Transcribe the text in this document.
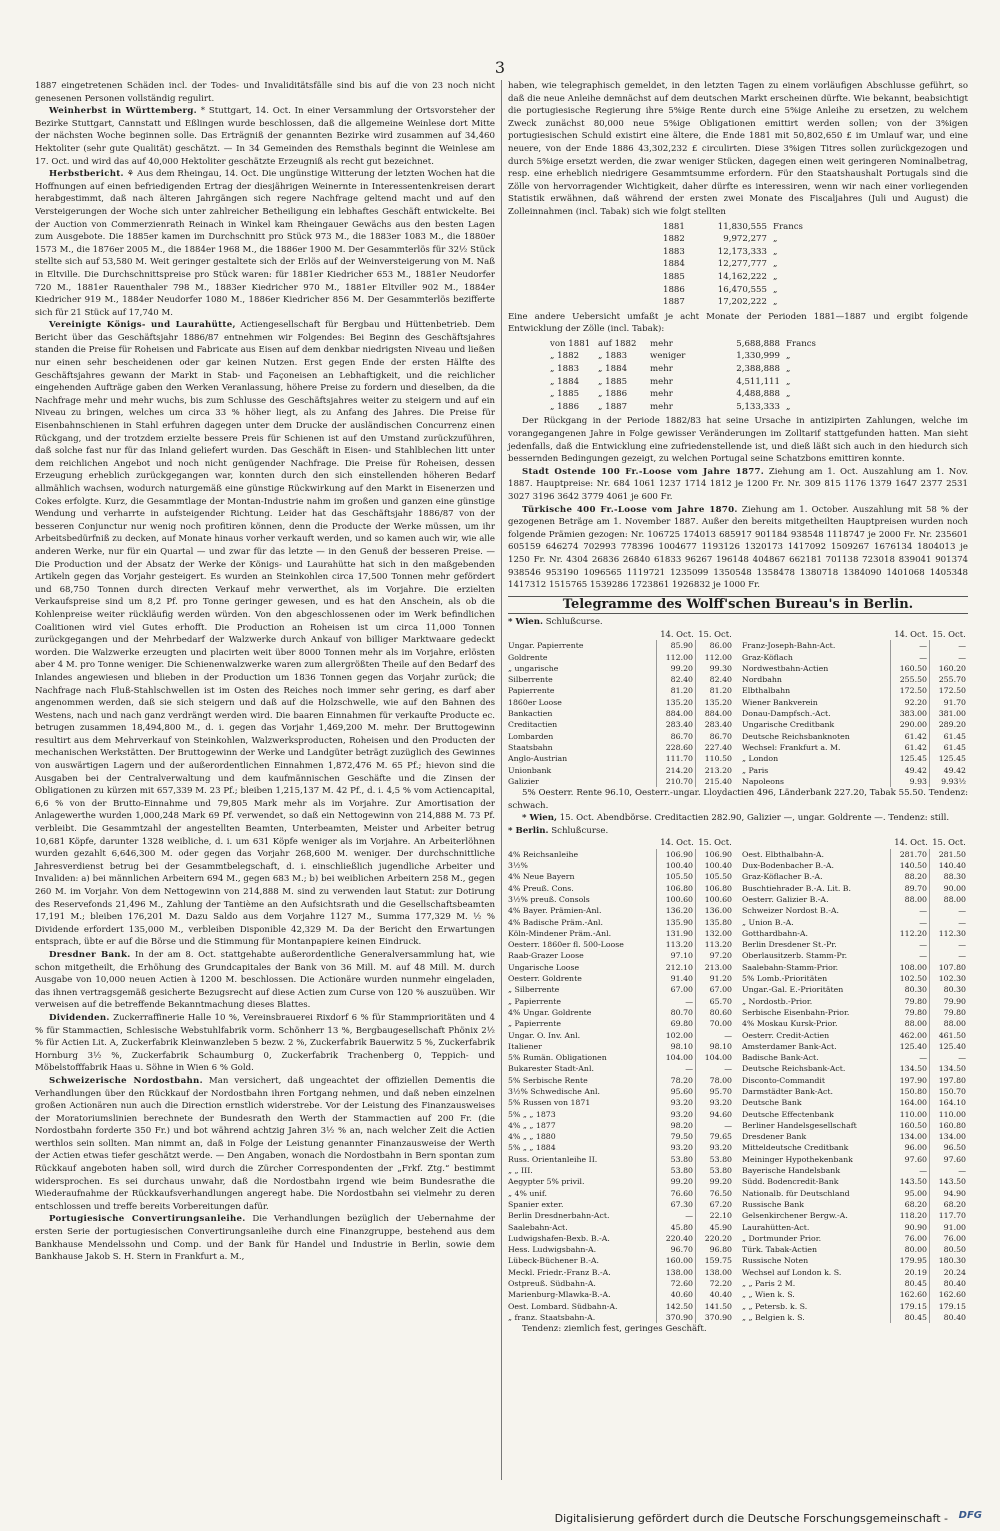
3

1887 eingetretenen Schäden incl. der Todes- und Invaliditätsfälle sind bis auf die von 23 noch nicht genesenen Personen vollständig regulirt.

Weinherbst in Württemberg. * Stuttgart, 14. Oct. In einer Versammlung der Ortsvorsteher der Bezirke Stuttgart, Cannstatt und Eßlingen wurde beschlossen, daß die allgemeine Weinlese dort Mitte der nächsten Woche beginnen solle. Das Erträgniß der genannten Bezirke wird zusammen auf 34,460 Hektoliter (sehr gute Qualität) geschätzt. — In 34 Gemeinden des Remsthals beginnt die Weinlese am 17. Oct. und wird das auf 40,000 Hektoliter geschätzte Erzeugniß als recht gut bezeichnet.

Herbstbericht. ⚘ Aus dem Rheingau, 14. Oct. Die ungünstige Witterung der letzten Wochen hat die Hoffnungen auf einen befriedigenden Ertrag der diesjährigen Weinernte in Interessentenkreisen derart herabgestimmt, daß nach älteren Jahrgängen sich regere Nachfrage geltend macht und auf den Versteigerungen der Woche sich unter zahlreicher Betheiligung ein lebhaftes Geschäft entwickelte. Bei der Auction von Commerzienrath Reinach in Winkel kam Rheingauer Gewächs aus den besten Lagen zum Ausgebote. Die 1885er kamen im Durchschnitt pro Stück 973 M., die 1883er 1083 M., die 1880er 1573 M., die 1876er 2005 M., die 1884er 1968 M., die 1886er 1900 M. Der Gesammterlös für 32½ Stück stellte sich auf 53,580 M. Weit geringer gestaltete sich der Erlös auf der Weinversteigerung von M. Naß in Eltville. Die Durchschnittspreise pro Stück waren: für 1881er Kiedricher 653 M., 1881er Neudorfer 720 M., 1881er Rauenthaler 798 M., 1883er Kiedricher 970 M., 1881er Eltviller 902 M., 1884er Kiedricher 919 M., 1884er Neudorfer 1080 M., 1886er Kiedricher 856 M. Der Gesammterlös bezifferte sich für 21 Stück auf 17,740 M.

Vereinigte Königs- und Laurahütte, Actiengesellschaft für Bergbau und Hüttenbetrieb. Dem Bericht über das Geschäftsjahr 1886/87 entnehmen wir Folgendes: Bei Beginn des Geschäftsjahres standen die Preise für Roheisen und Fabricate aus Eisen auf dem denkbar niedrigsten Niveau und ließen nur einen sehr bescheidenen oder gar keinen Nutzen. Erst gegen Ende der ersten Hälfte des Geschäftsjahres gewann der Markt in Stab- und Façoneisen an Lebhaftigkeit, und die reichlicher eingehenden Aufträge gaben den Werken Veranlassung, höhere Preise zu fordern und dieselben, da die Nachfrage mehr und mehr wuchs, bis zum Schlusse des Geschäftsjahres weiter zu steigern und auf ein Niveau zu bringen, welches um circa 33 % höher liegt, als zu Anfang des Jahres. Die Preise für Eisenbahnschienen in Stahl erfuhren dagegen unter dem Drucke der ausländischen Concurrenz einen Rückgang, und der trotzdem erzielte bessere Preis für Schienen ist auf den Umstand zurückzuführen, daß solche fast nur für das Inland geliefert wurden. Das Geschäft in Eisen- und Stahlblechen litt unter dem reichlichen Angebot und noch nicht genügender Nachfrage. Die Preise für Roheisen, dessen Erzeugung erheblich zurückgegangen war, konnten durch den sich einstellenden höheren Bedarf allmählich wachsen, wodurch naturgemäß eine günstige Rückwirkung auf den Markt in Eisenerzen und Cokes erfolgte. Kurz, die Gesammtlage der Montan-Industrie nahm im großen und ganzen eine günstige Wendung und verharrte in aufsteigender Richtung. Leider hat das Geschäftsjahr 1886/87 von der besseren Conjunctur nur wenig noch profitiren können, denn die Producte der Werke müssen, um ihr Arbeitsbedürfniß zu decken, auf Monate hinaus vorher verkauft werden, und so kamen auch wir, wie alle anderen Werke, nur für ein Quartal — und zwar für das letzte — in den Genuß der besseren Preise. — Die Production und der Absatz der Werke der Königs- und Laurahütte hat sich in den maßgebenden Artikeln gegen das Vorjahr gesteigert. Es wurden an Steinkohlen circa 17,500 Tonnen mehr gefördert und 68,750 Tonnen durch directen Verkauf mehr verwerthet, als im Vorjahre. Die erzielten Verkaufspreise sind um 8,2 Pf. pro Tonne geringer gewesen, und es hat den Anschein, als ob die Kohlenpreise weiter rückläufig werden würden. Von den abgeschlossenen oder im Werk befindlichen Coalitionen wird viel Gutes erhofft. Die Production an Roheisen ist um circa 11,000 Tonnen zurückgegangen und der Mehrbedarf der Walzwerke durch Ankauf von billiger Marktwaare gedeckt worden. Die Walzwerke erzeugten und placirten weit über 8000 Tonnen mehr als im Vorjahre, erlösten aber 4 M. pro Tonne weniger. Die Schienenwalzwerke waren zum allergrößten Theile auf den Bedarf des Inlandes angewiesen und blieben in der Production um 1836 Tonnen gegen das Vorjahr zurück; die Nachfrage nach Fluß-Stahlschwellen ist im Osten des Reiches noch immer sehr gering, es darf aber angenommen werden, daß sie sich steigern und daß auf die Holzschwelle, wie auf den Bahnen des Westens, nach und nach ganz verdrängt werden wird. Die baaren Einnahmen für verkaufte Producte ec. betrugen zusammen 18,494,800 M., d. i. gegen das Vorjahr 1,469,200 M. mehr. Der Bruttogewinn resultirt aus dem Mehrverkauf von Steinkohlen, Walzwerksproducten, Roheisen und den Producten der mechanischen Werkstätten. Der Bruttogewinn der Werke und Landgüter beträgt zuzüglich des Gewinnes von auswärtigen Lagern und der außerordentlichen Einnahmen 1,872,476 M. 65 Pf.; hievon sind die Ausgaben bei der Centralverwaltung und dem kaufmännischen Geschäfte und die Zinsen der Obligationen zu kürzen mit 657,339 M. 23 Pf.; bleiben 1,215,137 M. 42 Pf., d. i. 4,5 % vom Actiencapital, 6,6 % von der Brutto-Einnahme und 79,805 Mark mehr als im Vorjahre. Zur Amortisation der Anlagewerthe wurden 1,000,248 Mark 69 Pf. verwendet, so daß ein Nettogewinn von 214,888 M. 73 Pf. verbleibt. Die Gesammtzahl der angestellten Beamten, Unterbeamten, Meister und Arbeiter betrug 10,681 Köpfe, darunter 1328 weibliche, d. i. um 631 Köpfe weniger als im Vorjahre. An Arbeiterlöhnen wurden gezahlt 6,646,300 M. oder gegen das Vorjahr 268,600 M. weniger. Der durchschnittliche Jahresverdienst betrug bei der Gesammtbelegschaft, d. i. einschließlich jugendliche Arbeiter und Invaliden: a) bei männlichen Arbeitern 694 M., gegen 683 M.; b) bei weiblichen Arbeitern 258 M., gegen 260 M. im Vorjahr. Von dem Nettogewinn von 214,888 M. sind zu verwenden laut Statut: zur Dotirung des Reservefonds 21,496 M., Zahlung der Tantième an den Aufsichtsrath und die Gesellschaftsbeamten 17,191 M.; bleiben 176,201 M. Dazu Saldo aus dem Vorjahre 1127 M., Summa 177,329 M. ½ % Dividende erfordert 135,000 M., verbleiben Disponible 42,329 M. Da der Bericht den Erwartungen entsprach, übte er auf die Börse und die Stimmung für Montanpapiere keinen Eindruck.

Dresdner Bank. In der am 8. Oct. stattgehabte außerordentliche Generalversammlung hat, wie schon mitgetheilt, die Erhöhung des Grundcapitales der Bank von 36 Mill. M. auf 48 Mill. M. durch Ausgabe von 10,000 neuen Actien à 1200 M. beschlossen. Die Actionäre wurden nunmehr eingeladen, das ihnen vertragsgemäß gesicherte Bezugsrecht auf diese Actien zum Curse von 120 % auszuüben. Wir verweisen auf die betreffende Bekanntmachung dieses Blattes.

Dividenden. Zuckerraffinerie Halle 10 %, Vereinsbrauerei Rixdorf 6 % für Stammprioritäten und 4 % für Stammactien, Schlesische Webstuhlfabrik vorm. Schönherr 13 %, Bergbaugesellschaft Phönix 2½ % für Actien Lit. A, Zuckerfabrik Kleinwanzleben 5 bezw. 2 %, Zuckerfabrik Bauerwitz 5 %, Zuckerfabrik Hornburg 3½ %, Zuckerfabrik Schaumburg 0, Zuckerfabrik Trachenberg 0, Teppich- und Möbelstofffabrik Haas u. Söhne in Wien 6 % Gold.

Schweizerische Nordostbahn. Man versichert, daß ungeachtet der offiziellen Dementis die Verhandlungen über den Rückkauf der Nordostbahn ihren Fortgang nehmen, und daß neben einzelnen großen Actionären nun auch die Direction ernstlich widerstrebe. Vor der Leistung des Finanzausweises der Moratoriumslinien berechnete der Bundesrath den Werth der Stammactien auf 200 Fr. (die Nordostbahn forderte 350 Fr.) und bot während achtzig Jahren 3½ % an, nach welcher Zeit die Actien werthlos sein sollten. Man nimmt an, daß in Folge der Leistung genannter Finanzausweise der Werth der Actien etwas tiefer geschätzt werde. — Den Angaben, wonach die Nordostbahn in Bern spontan zum Rückkauf angeboten haben soll, wird durch die Zürcher Correspondenten der „Frkf. Ztg.“ bestimmt widersprochen. Es sei durchaus unwahr, daß die Nordostbahn irgend wie beim Bundesrathe die Wiederaufnahme der Rückkaufsverhandlungen angeregt habe. Die Nordostbahn sei vielmehr zu deren entschlossen und treffe bereits Vorbereitungen dafür.

Portugiesische Convertirungsanleihe. Die Verhandlungen bezüglich der Uebernahme der ersten Serie der portugiesischen Convertirungsanleihe durch eine Finanzgruppe, bestehend aus dem Bankhause Mendelssohn und Comp. und der Bank für Handel und Industrie in Berlin, sowie dem Bankhause Jakob S. H. Stern in Frankfurt a. M.,

haben, wie telegraphisch gemeldet, in den letzten Tagen zu einem vorläufigen Abschlusse geführt, so daß die neue Anleihe demnächst auf dem deutschen Markt erscheinen dürfte. Wie bekannt, beabsichtigt die portugiesische Regierung ihre 5%ige Rente durch eine 5%ige Anleihe zu ersetzen, zu welchem Zweck zunächst 80,000 neue 5%ige Obligationen emittirt werden sollen; von der 3%igen portugiesischen Schuld existirt eine ältere, die Ende 1881 mit 50,802,650 £ im Umlauf war, und eine neuere, von der Ende 1886 43,302,232 £ circulirten. Diese 3%igen Titres sollen zurückgezogen und durch 5%ige ersetzt werden, die zwar weniger Stücken, dagegen einen weit geringeren Nominalbetrag, resp. eine erheblich niedrigere Gesammtsumme erfordern. Für den Staatshaushalt Portugals sind die Zölle von hervorragender Wichtigkeit, daher dürfte es interessiren, wenn wir nach einer vorliegenden Statistik erwähnen, daß während der ersten zwei Monate des Fiscaljahres (Juli und August) die Zolleinnahmen (incl. Tabak) sich wie folgt stellten

1881	11,830,555 Francs
1882	9,972,277 „
1883	12,173,333 „
1884	12,277,777 „
1885	14,162,222 „
1886	16,470,555 „
1887	17,202,222 „

Eine andere Uebersicht umfaßt je acht Monate der Perioden 1881—1887 und ergibt folgende Entwicklung der Zölle (incl. Tabak):

von 1881 auf 1882	mehr	5,688,888 Francs
„ 1882	„ 1883	weniger	1,330,999 „
„ 1883	„ 1884	mehr	2,388,888 „
„ 1884	„ 1885	mehr	4,511,111 „
„ 1885	„ 1886	mehr	4,488,888 „
„ 1886	„ 1887	mehr	5,133,333 „

Der Rückgang in der Periode 1882/83 hat seine Ursache in antizipirten Zahlungen, welche im vorangegangenen Jahre in Folge gewisser Veränderungen im Zolltarif stattgefunden hatten. Man sieht jedenfalls, daß die Entwicklung eine zufriedenstellende ist, und dieß läßt sich auch in den hiedurch sich bessernden Bedingungen gezeigt, zu welchen Portugal seine Schatzbons emittiren konnte.

Stadt Ostende 100 Fr.-Loose vom Jahre 1877. Ziehung am 1. Oct. Auszahlung am 1. Nov. 1887. Hauptpreise: Nr. 684 1061 1237 1714 1812 je 1200 Fr. Nr. 309 815 1176 1379 1647 2377 2531 3027 3196 3642 3779 4061 je 600 Fr.

Türkische 400 Fr.-Loose vom Jahre 1870. Ziehung am 1. October. Auszahlung mit 58 % der gezogenen Beträge am 1. November 1887. Außer den bereits mitgetheilten Hauptpreisen wurden noch folgende Prämien gezogen: Nr. 106725 174013 685917 901184 938548 1118747 je 2000 Fr. Nr. 235601 605159 646274 702993 778396 1004677 1193126 1320173 1417092 1509267 1676134 1804013 je 1250 Fr. Nr. 4304 26836 26840 61833 96267 196148 404867 662181 701138 723018 839041 901374 938546 953190 1096565 1119721 1235099 1350548 1358478 1380718 1384090 1401068 1405348 1417312 1515765 1539286 1723861 1926832 je 1000 Fr.

Telegramme des Wolff'schen Bureau's in Berlin.
* Wien. Schlußcurse.
14. Oct. 15. Oct.
Ungar. Papierrente	85.90	86.00
Goldrente	112.00	112.00
„ ungarische	99.20	99.30
Silberrente	82.40	82.40
Papierrente	81.20	81.20
1860er Loose	135.20	135.20
Bankactien	884.00	884.00
Creditactien	283.40	283.40
Lombarden	86.70	86.70
Staatsbahn	228.60	227.40
Anglo-Austrian	111.70	110.50
Unionbank	214.20	213.20
Galizier	210.70	215.40
14. Oct. 15. Oct.
Franz-Joseph-Bahn-Act.	—	—
Graz-Köflach	—	—
Nordwestbahn-Actien	160.50	160.20
Nordbahn	255.50	255.70
Elbthalbahn	172.50	172.50
Wiener Bankverein	92.20	91.70
Donau-Dampfsch.-Act.	383.00	381.00
Ungarische Creditbank	290.00	289.20
Deutsche Reichsbanknoten	61.42	61.45
Wechsel: Frankfurt a. M.	61.42	61.45
„ London	125.45	125.45
„ Paris	49.42	49.42
Napoleons	9.93	9.93½

5% Oesterr. Rente 96.10, Oesterr.-ungar. Lloydactien 496, Länderbank 227.20, Tabak 55.50. Tendenz: schwach.

* Wien, 15. Oct. Abendbörse. Creditactien 282.90, Galizier —, ungar. Goldrente —. Tendenz: still.

* Berlin. Schlußcurse.
14. Oct. 15. Oct.
4% Reichsanleihe	106.90	106.90
3½%	100.40	100.40
4% Neue Bayern	105.50	105.50
4% Preuß. Cons.	106.80	106.80
3½% preuß. Consols	100.60	100.60
4% Bayer. Prämien-Anl.	136.20	136.00
4% Badische Präm.-Anl.	135.90	135.80
Köln-Mindener Präm.-Anl.	131.90	132.00
Oesterr. 1860er fl. 500-Loose	113.20	113.20
Raab-Grazer Loose	97.10	97.20
Ungarische Loose	212.10	213.00
Oesterr. Goldrente	91.40	91.20
„ Silberrente	67.00	67.00
„ Papierrente	—	65.70
4% Ungar. Goldrente	80.70	80.60
„ Papierrente	69.80	70.00
Ungar. O. Inv. Anl.	102.00	—
Italiener	98.10	98.10
5% Rumän. Obligationen	104.00	104.00
Bukarester Stadt-Anl.	—	—
5% Serbische Rente	78.20	78.00
3½% Schwedische Anl.	95.60	95.70
5% Russen von 1871	93.20	93.20
5% „ „ 1873	93.20	94.60
4% „ „ 1877	98.20	—
4% „ „ 1880	79.50	79.65
5% „ „ 1884	93.20	93.20
Russ. Orientanleihe II.	53.80	53.80
„ „ III.	53.80	53.80
Aegypter 5% privil.	99.20	99.20
„ 4% unif.	76.60	76.50
Spanier exter.	67.30	67.20
Berlin Dresdnerbahn-Act.	—	22.10
Saalebahn-Act.	45.80	45.90
Ludwigshafen-Bexb. B.-A.	220.40	220.20
Hess. Ludwigsbahn-A.	96.70	96.80
Lübeck-Büchener B.-A.	160.00	159.75
Meckl. Friedr.-Franz B.-A.	138.00	138.00
Ostpreuß. Südbahn-A.	72.60	72.20
Marienburg-Mlawka-B.-A.	40.60	40.40
Oest. Lombard. Südbahn-A.	142.50	141.50
„ franz. Staatsbahn-A.	370.90	370.90
14. Oct. 15. Oct.
Oest. Elbthalbahn-A.	281.70	281.50
Dux-Bodenbacher B.-A.	140.50	140.40
Graz-Köflacher B.-A.	88.20	88.30
Buschtiehrader B.-A. Lit. B.	89.70	90.00
Oesterr. Galizier B.-A.	88.00	88.00
Schweizer Nordost B.-A.	—	—
„ Union B.-A.	—	—
Gotthardbahn-A.	112.20	112.30
Berlin Dresdener St.-Pr.	—	—
Oberlausitzerb. Stamm-Pr.	—	—
Saalebahn-Stamm-Prior.	108.00	107.80
5% Lomb.-Prioritäten	102.50	102.30
Ungar.-Gal. E.-Prioritäten	80.30	80.30
„ Nordostb.-Prior.	79.80	79.90
Serbische Eisenbahn-Prior.	79.80	79.80
4% Moskau Kursk-Prior.	88.00	88.00
Oesterr. Credit-Actien	462.00	461.50
Amsterdamer Bank-Act.	125.40	125.40
Badische Bank-Act.	—	—
Deutsche Reichsbank-Act.	134.50	134.50
Disconto-Commandit	197.90	197.80
Darmstädter Bank-Act.	150.80	150.70
Deutsche Bank	164.00	164.10
Deutsche Effectenbank	110.00	110.00
Berliner Handelsgesellschaft	160.50	160.80
Dresdener Bank	134.00	134.00
Mitteldeutsche Creditbank	96.00	96.50
Meininger Hypothekenbank	97.60	97.60
Bayerische Handelsbank	—	—
Südd. Bodencredit-Bank	143.50	143.50
Nationalb. für Deutschland	95.00	94.90
Russische Bank	68.20	68.20
Gelsenkirchener Bergw.-A.	118.20	117.70
Laurahütten-Act.	90.90	91.00
„ Dortmunder Prior.	76.00	76.00
Türk. Tabak-Actien	80.00	80.50
Russische Noten	179.95	180.30
Wechsel auf London k. S.	20.19	20.24
„ „ Paris 2 M.	80.45	80.40
„ „ Wien k. S.	162.60	162.60
„ „ Petersb. k. S.	179.15	179.15
„ „ Belgien k. S.	80.45	80.40

Tendenz: ziemlich fest, geringes Geschäft.

Digitalisierung gefördert durch die Deutsche Forschungsgemeinschaft - DFG
